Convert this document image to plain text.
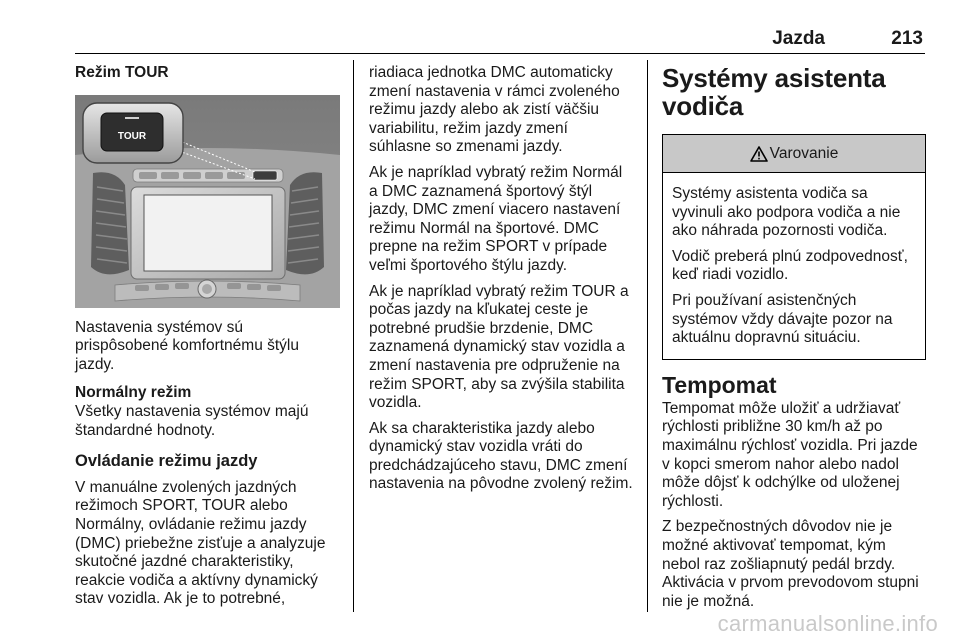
Jazda	213
Režim TOUR
TOUR

Nastavenia systémov sú prispôsobené komfortnému štýlu jazdy.

Normálny režim

Všetky nastavenia systémov majú štandardné hodnoty.

Ovládanie režimu jazdy

V manuálne zvolených jazdných režimoch SPORT, TOUR alebo Normálny, ovládanie režimu jazdy (DMC) priebežne zisťuje a analyzuje skutočné jazdné charakteristiky, reakcie vodiča a aktívny dynamický stav vozidla. Ak je to potrebné,

riadiaca jednotka DMC automaticky zmení nastavenia v rámci zvoleného režimu jazdy alebo ak zistí väčšiu variabilitu, režim jazdy zmení súhlasne so zmenami jazdy.

Ak je napríklad vybratý režim Normál a DMC zaznamená športový štýl jazdy, DMC zmení viacero nastavení režimu Normál na športové. DMC prepne na režim SPORT v prípade veľmi športového štýlu jazdy.

Ak je napríklad vybratý režim TOUR a počas jazdy na kľukatej ceste je potrebné prudšie brzdenie, DMC zaznamená dynamický stav vozidla a zmení nastavenia pre odpruženie na režim SPORT, aby sa zvýšila stabilita vozidla.

Ak sa charakteristika jazdy alebo dynamický stav vozidla vráti do predchádzajúceho stavu, DMC zmení nastavenia na pôvodne zvolený režim.

Systémy asistenta
vodiča
Varovanie

Systémy asistenta vodiča sa vyvinuli ako podpora vodiča a nie ako náhrada pozornosti vodiča.

Vodič preberá plnú zodpovednosť, keď riadi vozidlo.

Pri používaní asistenčných systémov vždy dávajte pozor na aktuálnu dopravnú situáciu.

Tempomat

Tempomat môže uložiť a udržiavať rýchlosti približne 30 km/h až po maximálnu rýchlosť vozidla. Pri jazde v kopci smerom nahor alebo nadol môže dôjsť k odchýlke od uloženej rýchlosti.

Z bezpečnostných dôvodov nie je možné aktivovať tempomat, kým nebol raz zošliapnutý pedál brzdy. Aktivácia v prvom prevodovom stupni nie je možná.

carmanualsonline.info
